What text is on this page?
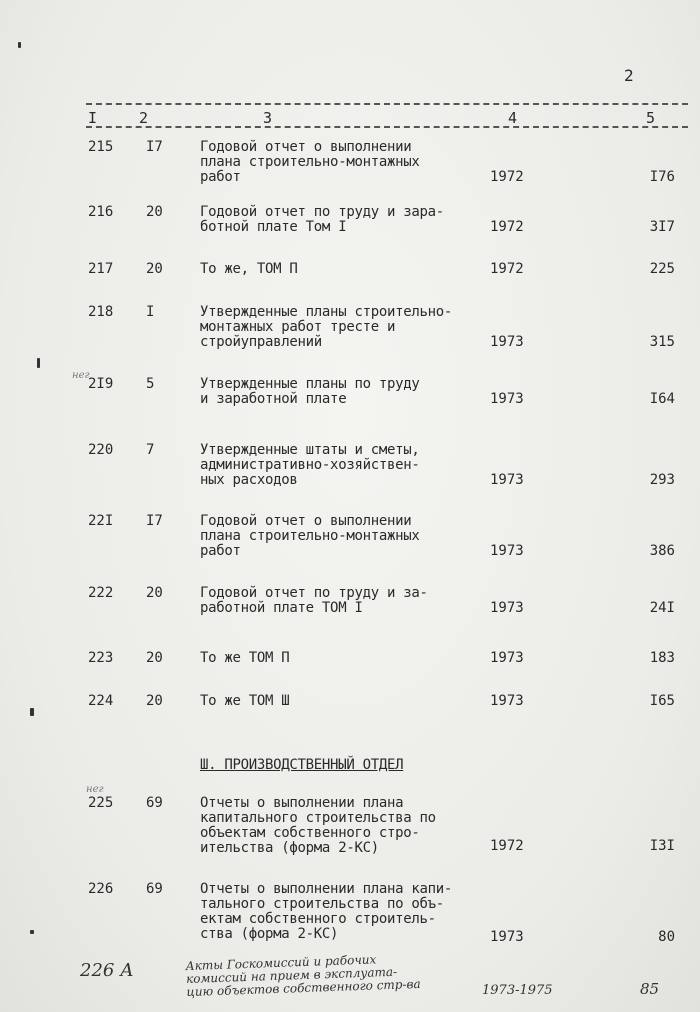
2
I	2	3	4	5
215 I7	Годовой отчет о выполнении
плана строительно-монтажных
работ	1972	I76
216 20	Годовой отчет по труду и зара-
ботной плате Том I	1972	3I7
217 20	То же, ТОМ П	1972	225
218 I	Утвержденные планы строительно-
монтажных работ тресте и
стройуправлений	1973	315
2I9 5	Утвержденные планы по труду
и заработной плате	1973	I64
220 7	Утвержденные штаты и сметы,
административно-хозяйствен-
ных расходов	1973	293
22I I7	Годовой отчет о выполнении
плана строительно-монтажных
работ	1973	386
222 20	Годовой отчет по труду и за-
работной плате ТОМ I	1973	24I
223 20	То же ТОМ П	1973	183
224 20	То же ТОМ Ш	1973	I65
Ш. ПРОИЗВОДСТВЕННЫЙ ОТДЕЛ
225 69	Отчеты о выполнении плана
капитального строительства по
объектам собственного стро-
ительства (форма 2-КС)	1972	I3I
226 69	Отчеты о выполнении плана капи-
тального строительства по объ-
ектам собственного строитель-
ства (форма 2-КС)	1973	80
226 А	Акты Госкомиссий и рабочих
комиссий на прием в эксплуата-
цию объектов собственного стр-ва	1973-1975	85
нег
нег
